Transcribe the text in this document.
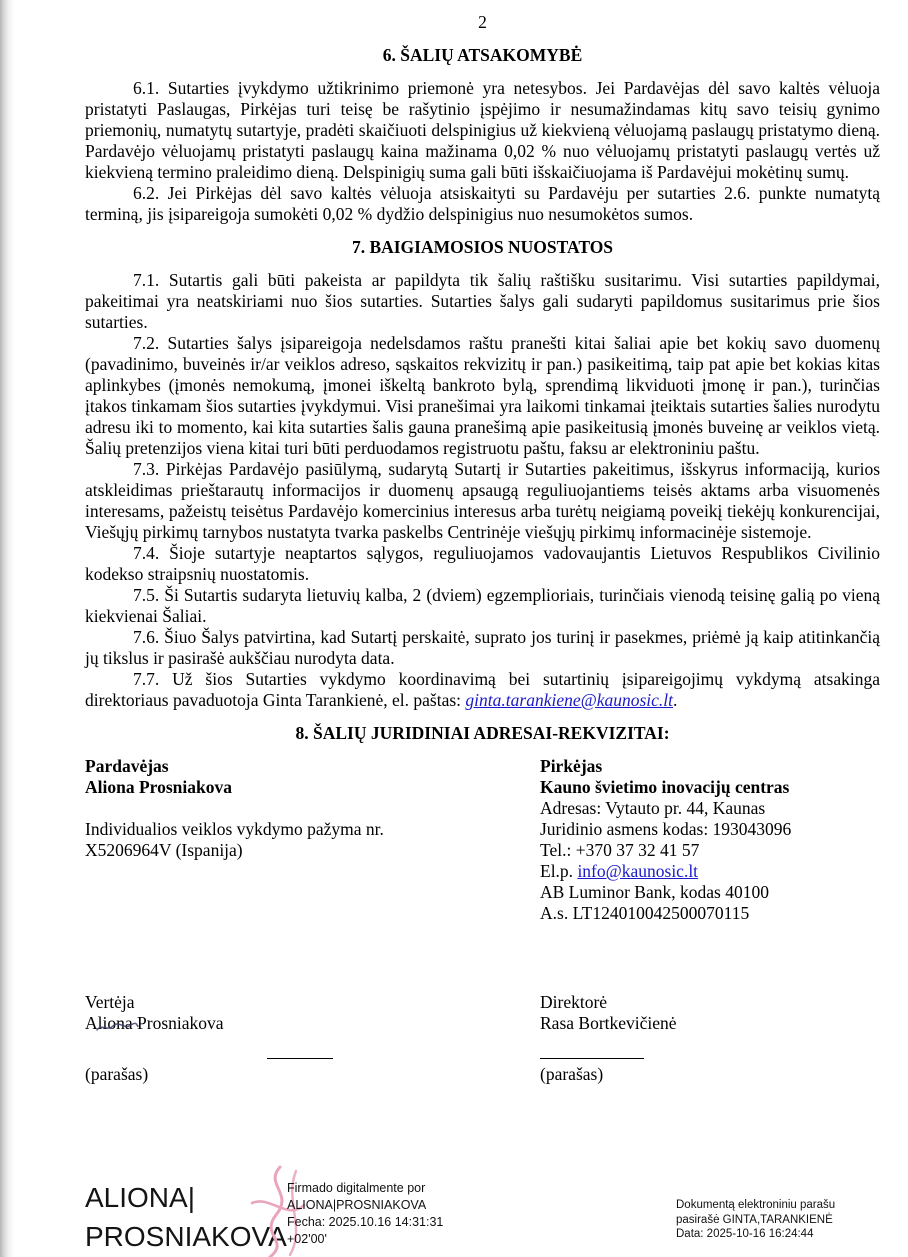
2
6. ŠALIŲ ATSAKOMYBĖ

6.1. Sutarties įvykdymo užtikrinimo priemonė yra netesybos. Jei Pardavėjas dėl savo kaltės vėluoja pristatyti Paslaugas, Pirkėjas turi teisę be rašytinio įspėjimo ir nesumažindamas kitų savo teisių gynimo priemonių, numatytų sutartyje, pradėti skaičiuoti delspinigius už kiekvieną vėluojamą paslaugų pristatymo dieną. Pardavėjo vėluojamų pristatyti paslaugų kaina mažinama 0,02 % nuo vėluojamų pristatyti paslaugų vertės už kiekvieną termino praleidimo dieną. Delspinigių suma gali būti išskaičiuojama iš Pardavėjui mokėtinų sumų.

6.2. Jei Pirkėjas dėl savo kaltės vėluoja atsiskaityti su Pardavėju per sutarties 2.6. punkte numatytą terminą, jis įsipareigoja sumokėti 0,02 % dydžio delspinigius nuo nesumokėtos sumos.

7. BAIGIAMOSIOS NUOSTATOS

7.1. Sutartis gali būti pakeista ar papildyta tik šalių raštišku susitarimu. Visi sutarties papildymai, pakeitimai yra neatskiriami nuo šios sutarties. Sutarties šalys gali sudaryti papildomus susitarimus prie šios sutarties.

7.2. Sutarties šalys įsipareigoja nedelsdamos raštu pranešti kitai šaliai apie bet kokių savo duomenų (pavadinimo, buveinės ir/ar veiklos adreso, sąskaitos rekvizitų ir pan.) pasikeitimą, taip pat apie bet kokias kitas aplinkybes (įmonės nemokumą, įmonei iškeltą bankroto bylą, sprendimą likviduoti įmonę ir pan.), turinčias įtakos tinkamam šios sutarties įvykdymui. Visi pranešimai yra laikomi tinkamai įteiktais sutarties šalies nurodytu adresu iki to momento, kai kita sutarties šalis gauna pranešimą apie pasikeitusią įmonės buveinę ar veiklos vietą. Šalių pretenzijos viena kitai turi būti perduodamos registruotu paštu, faksu ar elektroniniu paštu.

7.3. Pirkėjas Pardavėjo pasiūlymą, sudarytą Sutartį ir Sutarties pakeitimus, išskyrus informaciją, kurios atskleidimas prieštarautų informacijos ir duomenų apsaugą reguliuojantiems teisės aktams arba visuomenės interesams, pažeistų teisėtus Pardavėjo komercinius interesus arba turėtų neigiamą poveikį tiekėjų konkurencijai, Viešųjų pirkimų tarnybos nustatyta tvarka paskelbs Centrinėje viešųjų pirkimų informacinėje sistemoje.

7.4. Šioje sutartyje neaptartos sąlygos, reguliuojamos vadovaujantis Lietuvos Respublikos Civilinio kodekso straipsnių nuostatomis.

7.5. Ši Sutartis sudaryta lietuvių kalba, 2 (dviem) egzemplioriais, turinčiais vienodą teisinę galią po vieną kiekvienai Šaliai.

7.6. Šiuo Šalys patvirtina, kad Sutartį perskaitė, suprato jos turinį ir pasekmes, priėmė ją kaip atitinkančią jų tikslus ir pasirašė aukščiau nurodyta data.

7.7. Už šios Sutarties vykdymo koordinavimą bei sutartinių įsipareigojimų vykdymą atsakinga direktoriaus pavaduotoja Ginta Tarankienė, el. paštas: ginta.tarankiene@kaunosic.lt.

8. ŠALIŲ JURIDINIAI ADRESAI-REKVIZITAI:
Pardavėjas
Aliona Prosniakova

Individualios veiklos vykdymo pažyma nr.
X5206964V (Ispanija)
Pirkėjas
Kauno švietimo inovacijų centras
Adresas: Vytauto pr. 44, Kaunas
Juridinio asmens kodas: 193043096
Tel.: +370 37 32 41 57
El.p. info@kaunosic.lt
AB Luminor Bank, kodas 40100
A.s. LT124010042500070115
Vertėja
Aliona Prosniakova
Direktorė
Rasa Bortkevičienė
(parašas)	(parašas)
ALIONA|
PROSNIAKOVA
Firmado digitalmente por
ALIONA|PROSNIAKOVA
Fecha: 2025.10.16 14:31:31
+02'00'
Dokumentą elektroniniu parašu
pasirašė GINTA,TARANKIENĖ
Data: 2025-10-16 16:24:44
